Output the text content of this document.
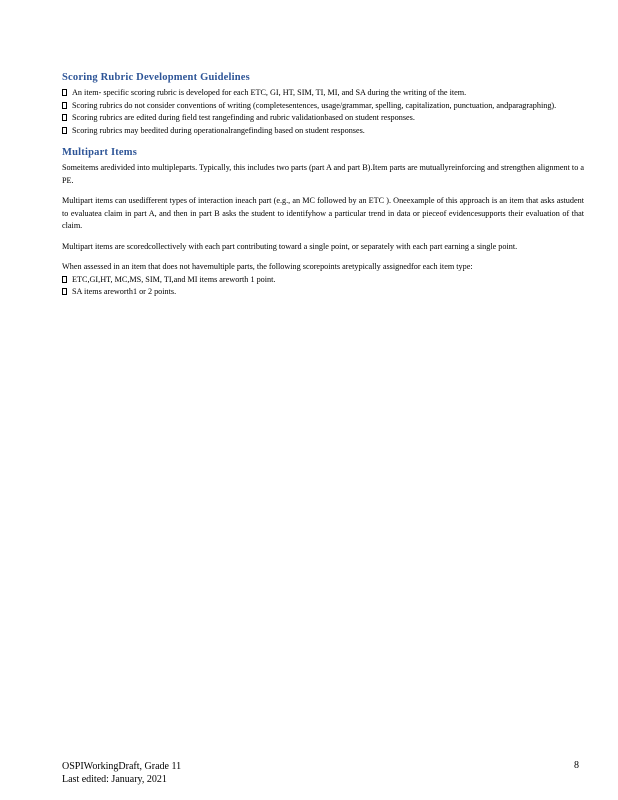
Scoring Rubric Development Guidelines

An item- specific scoring rubric is developed for each ETC, GI, HT, SIM, TI, MI, and SA during the writing of the item.

Scoring rubrics do not consider conventions of writing (completesentences, usage/grammar, spelling, capitalization, punctuation, andparagraphing).

Scoring rubrics are edited during field test rangefinding and rubric validationbased on student responses.

Scoring rubrics may beedited during operationalrangefinding based on student responses.

Multipart Items

Someitems aredivided into multipleparts. Typically, this includes two parts (part A and part B).Item parts are mutuallyreinforcing and strengthen alignment to a PE.

Multipart items can usedifferent types of interaction ineach part (e.g., an MC followed by an ETC ). Oneexample of this approach is an item that asks astudent to evaluatea claim in part A, and then in part B asks the student to identifyhow a particular trend in data or pieceof evidencesupports their evaluation of that claim.

Multipart items are scoredcollectively with each part contributing toward a single point, or separately with each part earning a single point.

When assessed in an item that does not havemultiple parts, the following scorepoints aretypically assignedfor each item type:

ETC,GI,HT, MC,MS, SIM, TI,and MI items areworth 1 point.

SA items areworth1 or 2 points.

OSPIWorkingDraft, Grade 11
Last edited: January, 2021
8
